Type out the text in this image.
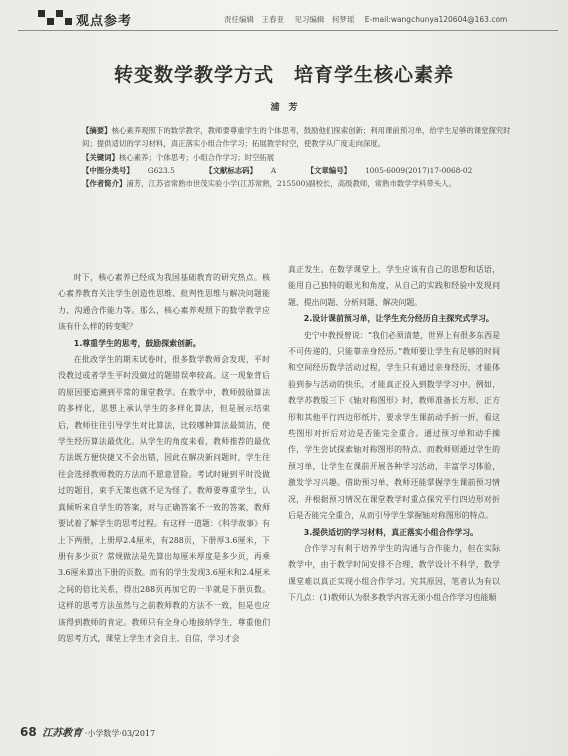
观点参考	责任编辑　王春亚 见习编辑　何梦瑶 E-mail:wangchunya120604@163.com
转变数学教学方式　培育学生核心素养
浦　芳

【摘要】核心素养观照下的数学教学，教师要尊重学生的个体思考，鼓励他们探索创新；利用课前预习单，给学生足够的课堂探究时间；提供适切的学习材料，真正落实小组合作学习；拓展教学时空，使教学从广度走向深度。

【关键词】核心素养；个体思考；小组合作学习；时空拓展

【中图分类号】 G623.5	【文献标志码】 A	【文章编号】 1005-6009(2017)17-0068-02

【作者简介】浦芳，江苏省常熟市世茂实验小学(江苏常熟，215500)副校长，高级教师，常熟市数学学科带头人。

时下，核心素养已经成为我国基础教育的研究热点。核心素养教育关注学生创造性思维、批判性思维与解决问题能力、沟通合作能力等。那么，核心素养观照下的数学教学应该有什么样的转变呢？

1.尊重学生的思考，鼓励探索创新。

在批改学生的期末试卷时，很多数学教师会发现，平时没教过或者学生平时没做过的题错误率较高。这一现象背后的原因要追溯到平常的课堂教学。在教学中，教师鼓励算法的多样化，思想上承认学生的多样化算法，但是展示结束后，教师往往引导学生对比算法，比较哪种算法最简洁，使学生经历算法最优化。从学生的角度来看，教师推荐的最优方法既方便快捷又不会出错，因此在解决新问题时，学生往往会选择教师教的方法而不愿意冒险。考试时碰到平时没做过的题目，束手无策也就不足为怪了。教师要尊重学生，认真倾听来自学生的答案，对与正确答案不一致的答案，教师要试着了解学生的思考过程。有这样一道题：《科学故事》有上下两册，上册厚2.4厘米，有288页，下册厚3.6厘米，下册有多少页？常规做法是先算出每厘米厚度是多少页，再乘3.6厘米算出下册的页数。而有的学生发现3.6厘米和2.4厘米之间的倍比关系，得出288页再加它的一半就是下册页数。这样的思考方法虽然与之前教师教的方法不一致，但是也应该得到教师的肯定。教师只有全身心地接纳学生，尊重他们的思考方式，课堂上学生才会自主、自信，学习才会

真正发生。在数学课堂上，学生应该有自己的思想和话语，能用自己独特的眼光和角度，从自己的实践和经验中发现问题、提出问题、分析问题、解决问题。

2.设计课前预习单，让学生充分经历自主探究式学习。

史宁中教授曾说：“我们必须清楚，世界上有很多东西是不可传递的，只能靠亲身经历。”教师要让学生有足够的时间和空间经历数学活动过程，学生只有通过亲身经历，才能体验到参与活动的快乐，才能真正投入到数学学习中。例如，教学苏教版三下《轴对称图形》时，教师准备长方形、正方形和其他平行四边形纸片，要求学生课前动手折一折，看这些图形对折后对边是否能完全重合。通过预习单和动手操作，学生尝试探索轴对称图形的特点。而教师则通过学生的预习单，让学生在课前开展各种学习活动，丰富学习体验，激发学习兴趣。借助预习单，教师还能掌握学生课前预习情况，并根据预习情况在课堂教学时重点探究平行四边形对折后是否能完全重合，从而引导学生掌握轴对称图形的特点。

3.提供适切的学习材料，真正落实小组合作学习。

合作学习有利于培养学生的沟通与合作能力，但在实际教学中，由于教学时间安排不合理、教学设计不科学，数学课堂难以真正实现小组合作学习。究其原因，笔者认为有以下几点：(1)教师认为很多教学内容无须小组合作学习也能顺

68 江苏教育 ·小学数学·03/2017
